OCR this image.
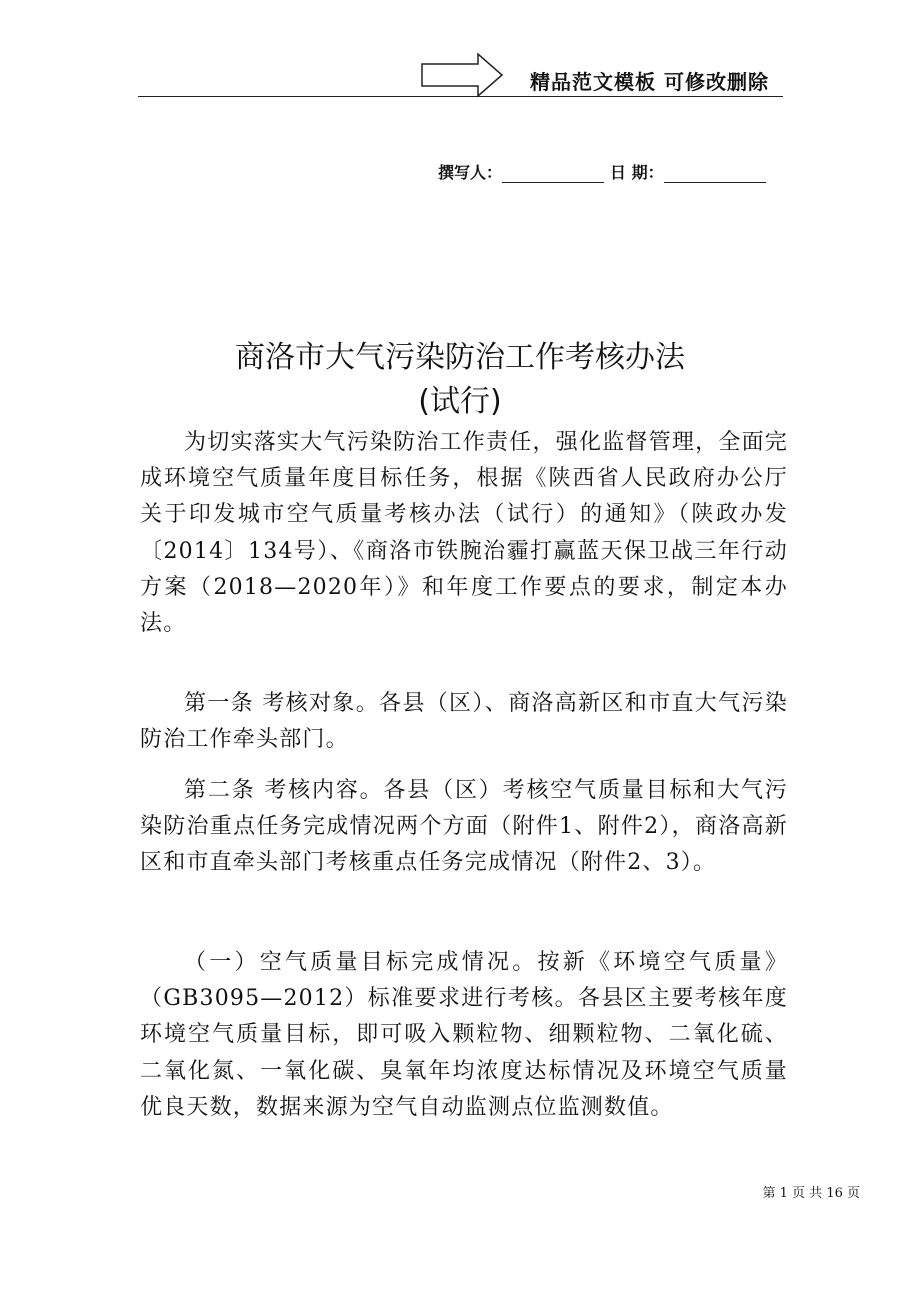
精品范文模板 可修改删除
撰写人：	日 期：
商洛市大气污染防治工作考核办法
(试行)

为切实落实大气污染防治工作责任，强化监督管理，全面完成环境空气质量年度目标任务，根据《陕西省人民政府办公厅关于印发城市空气质量考核办法（试行）的通知》（陕政办发〔2014〕134号）、《商洛市铁腕治霾打赢蓝天保卫战三年行动方案（2018—2020年）》和年度工作要点的要求，制定本办法。

第一条 考核对象。各县（区）、商洛高新区和市直大气污染防治工作牵头部门。

第二条 考核内容。各县（区）考核空气质量目标和大气污染防治重点任务完成情况两个方面（附件1、附件2），商洛高新区和市直牵头部门考核重点任务完成情况（附件2、3）。

（一）空气质量目标完成情况。按新《环境空气质量》（GB3095—2012）标准要求进行考核。各县区主要考核年度环境空气质量目标，即可吸入颗粒物、细颗粒物、二氧化硫、二氧化氮、一氧化碳、臭氧年均浓度达标情况及环境空气质量优良天数，数据来源为空气自动监测点位监测数值。

第 1 页 共 16 页
